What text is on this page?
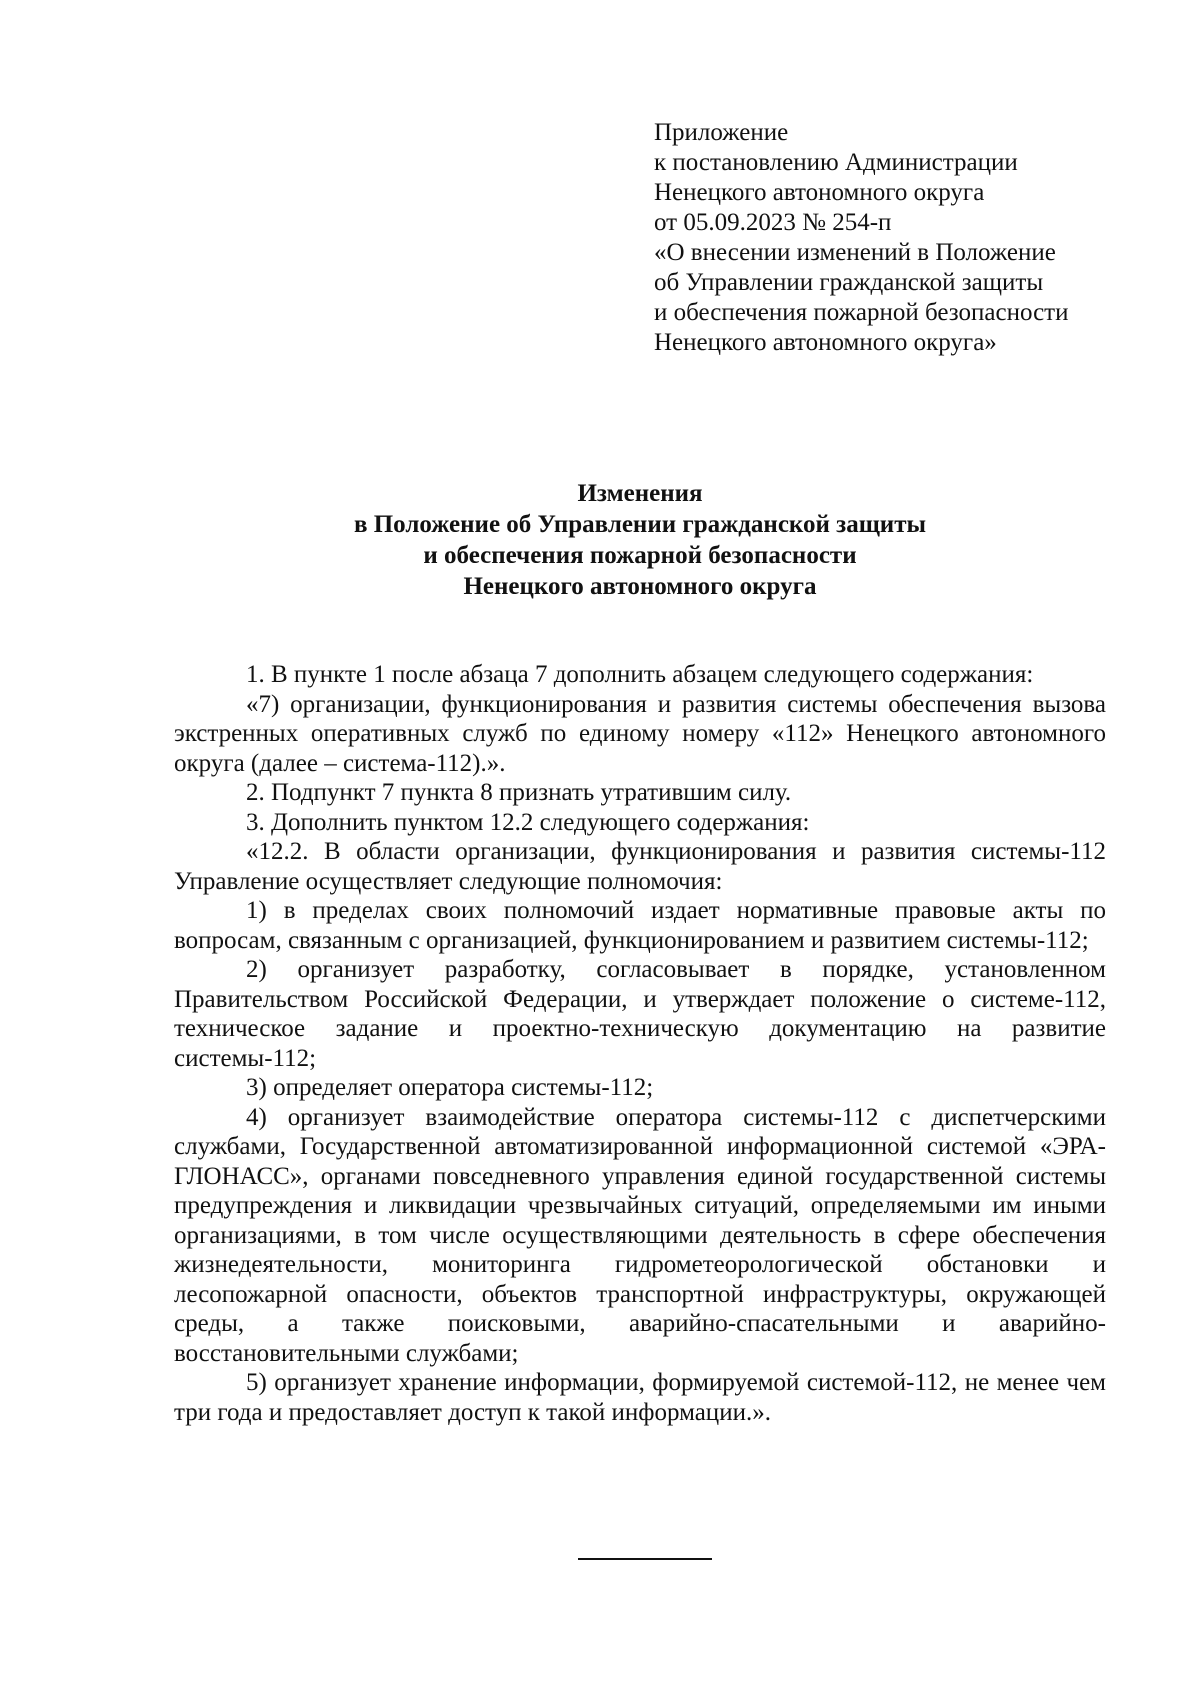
Приложение
к постановлению Администрации
Ненецкого автономного округа
от 05.09.2023 № 254-п
«О внесении изменений в Положение
об Управлении гражданской защиты
и обеспечения пожарной безопасности
Ненецкого автономного округа»
Изменения
в Положение об Управлении гражданской защиты
и обеспечения пожарной безопасности
Ненецкого автономного округа

1. В пункте 1 после абзаца 7 дополнить абзацем следующего содержания:

«7) организации, функционирования и развития системы обеспечения вызова экстренных оперативных служб по единому номеру «112» Ненецкого автономного округа (далее – система-112).».

2. Подпункт 7 пункта 8 признать утратившим силу.

3. Дополнить пунктом 12.2 следующего содержания:

«12.2. В области организации, функционирования и развития системы-112 Управление осуществляет следующие полномочия:

1) в пределах своих полномочий издает нормативные правовые акты по вопросам, связанным с организацией, функционированием и развитием системы-112;

2) организует разработку, согласовывает в порядке, установленном Правительством Российской Федерации, и утверждает положение о системе-112, техническое задание и проектно-техническую документацию на развитие системы-112;

3) определяет оператора системы-112;

4) организует взаимодействие оператора системы-112 с диспетчерскими службами, Государственной автоматизированной информационной системой «ЭРА-ГЛОНАСС», органами повседневного управления единой государственной системы предупреждения и ликвидации чрезвычайных ситуаций, определяемыми им иными организациями, в том числе осуществляющими деятельность в сфере обеспечения жизнедеятельности, мониторинга гидрометеорологической обстановки и лесопожарной опасности, объектов транспортной инфраструктуры, окружающей среды, а также поисковыми, аварийно-спасательными и аварийно-восстановительными службами;

5) организует хранение информации, формируемой системой-112, не менее чем три года и предоставляет доступ к такой информации.».
